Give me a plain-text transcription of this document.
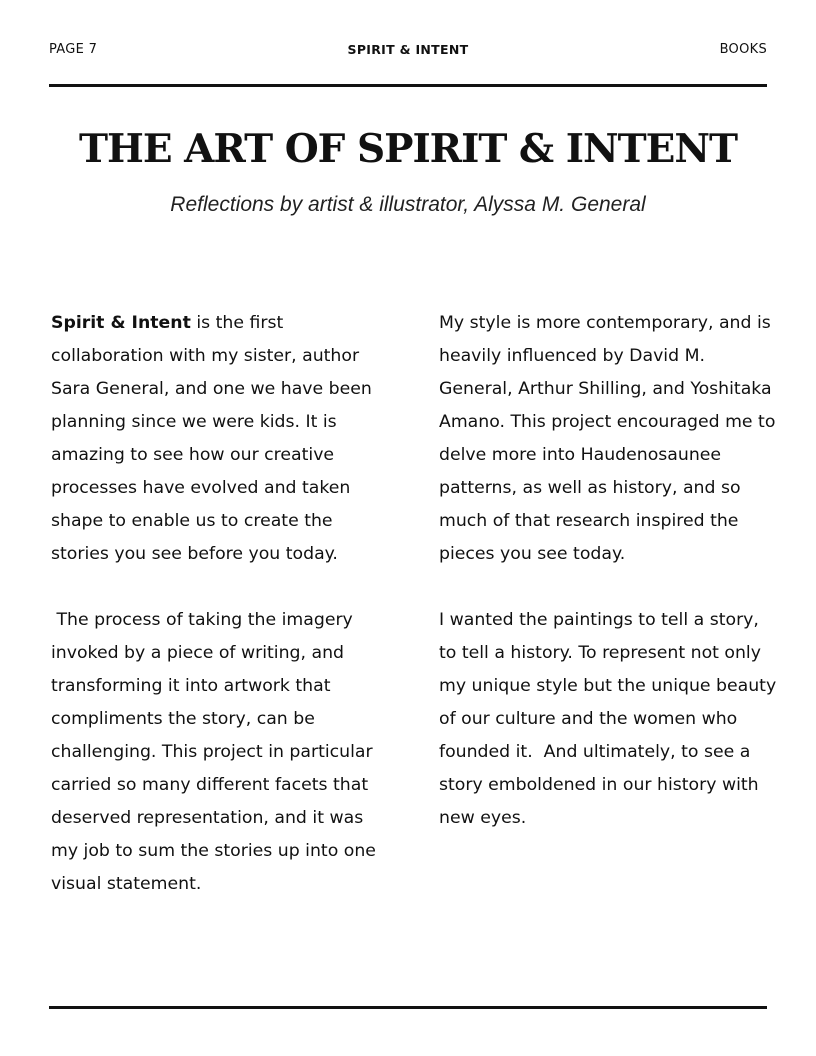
PAGE 7	SPIRIT & INTENT	BOOKS
THE ART OF SPIRIT & INTENT
Reflections by artist & illustrator, Alyssa M. General

Spirit & Intent is the first collaboration with my sister, author Sara General, and one we have been planning since we were kids. It is amazing to see how our creative processes have evolved and taken shape to enable us to create the stories you see before you today.

The process of taking the imagery invoked by a piece of writing, and transforming it into artwork that compliments the story, can be challenging. This project in particular carried so many different facets that deserved representation, and it was my job to sum the stories up into one visual statement.

My style is more contemporary, and is heavily influenced by David M. General, Arthur Shilling, and Yoshitaka Amano. This project encouraged me to delve more into Haudenosaunee patterns, as well as history, and so much of that research inspired the pieces you see today.

I wanted the paintings to tell a story, to tell a history. To represent not only my unique style but the unique beauty of our culture and the women who founded it.  And ultimately, to see a story emboldened in our history with new eyes.
